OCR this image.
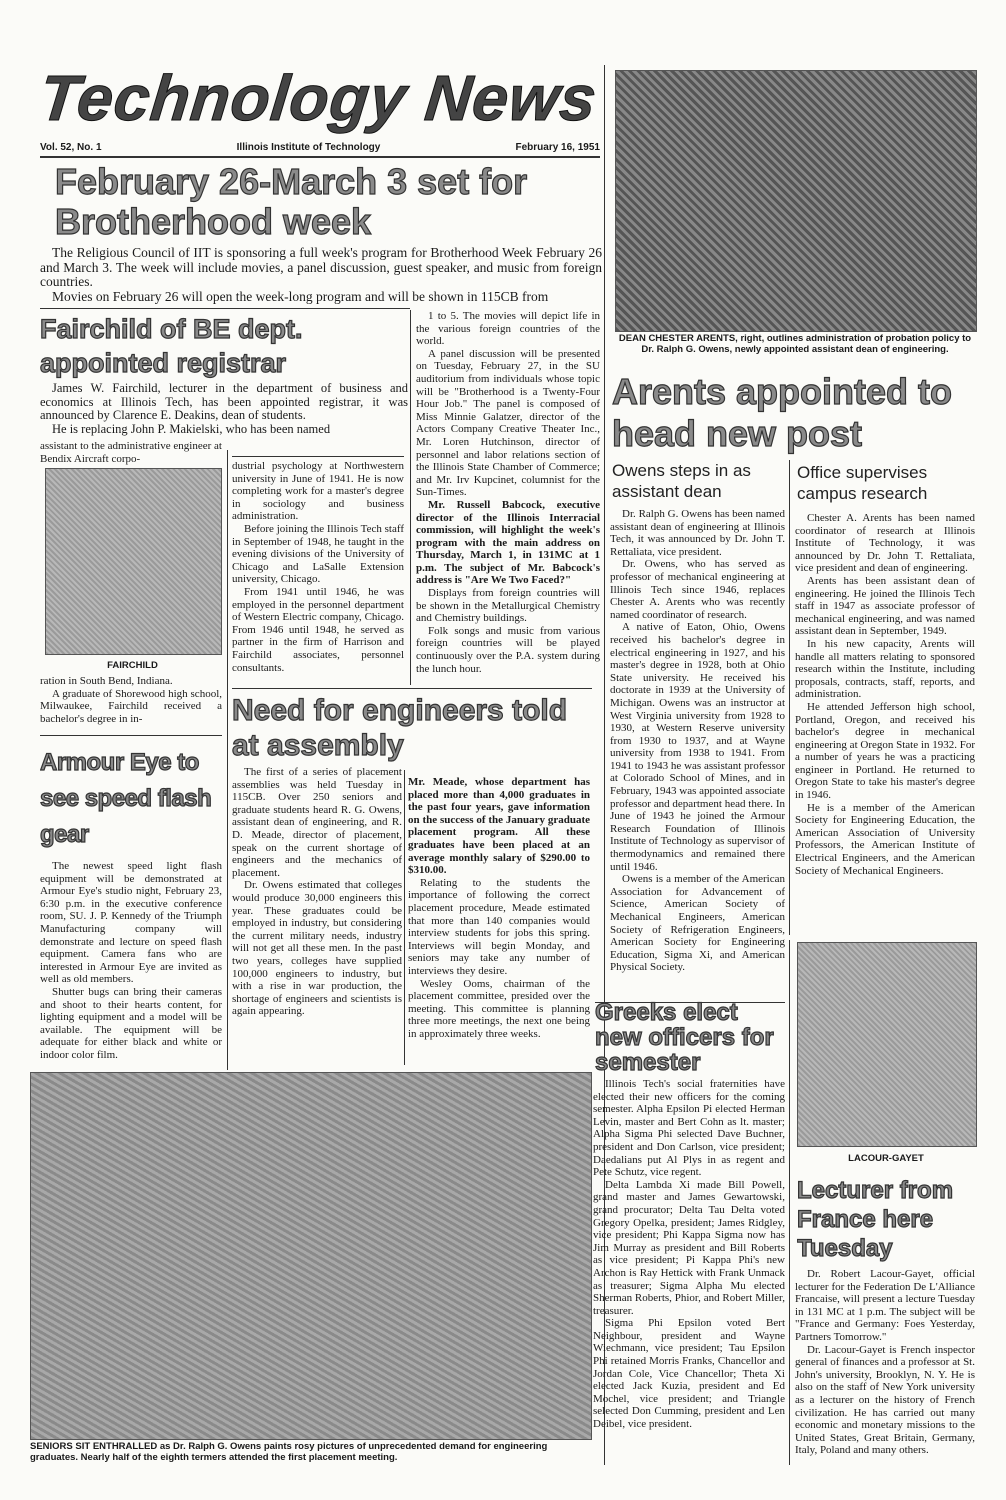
Technology News
Vol. 52, No. 1	Illinois Institute of Technology	February 16, 1951
February 26-March 3 set for Brotherhood week

The Religious Council of IIT is sponsoring a full week's program for Brotherhood Week February 26 and March 3. The week will include movies, a panel discussion, guest speaker, and music from foreign countries.

Movies on February 26 will open the week-long program and will be shown in 115CB from

1 to 5. The movies will depict life in the various foreign countries of the world.

A panel discussion will be presented on Tuesday, February 27, in the SU auditorium from individuals whose topic will be "Brotherhood is a Twenty-Four Hour Job." The panel is composed of Miss Minnie Galatzer, director of the Actors Company Creative Theater Inc., Mr. Loren Hutchinson, director of personnel and labor relations section of the Illinois State Chamber of Commerce; and Mr. Irv Kupcinet, columnist for the Sun-Times.

Mr. Russell Babcock, executive director of the Illinois Interracial commission, will highlight the week's program with the main address on Thursday, March 1, in 131MC at 1 p.m. The subject of Mr. Babcock's address is "Are We Two Faced?"

Displays from foreign countries will be shown in the Metallurgical Chemistry and Chemistry buildings.

Folk songs and music from various foreign countries will be played continuously over the P.A. system during the lunch hour.

Fairchild of BE dept. appointed registrar

James W. Fairchild, lecturer in the department of business and economics at Illinois Tech, has been appointed registrar, it was announced by Clarence E. Deakins, dean of students.

He is replacing John P. Makielski, who has been named

assistant to the administrative engineer at Bendix Aircraft corpo-

FAIRCHILD

ration in South Bend, Indiana.

A graduate of Shorewood high school, Milwaukee, Fairchild received a bachelor's degree in in-

dustrial psychology at Northwestern university in June of 1941. He is now completing work for a master's degree in sociology and business administration.

Before joining the Illinois Tech staff in September of 1948, he taught in the evening divisions of the University of Chicago and LaSalle Extension university, Chicago.

From 1941 until 1946, he was employed in the personnel department of Western Electric company, Chicago. From 1946 until 1948, he served as partner in the firm of Harrison and Fairchild associates, personnel consultants.

Armour Eye to see speed flash gear

The newest speed light flash equipment will be demonstrated at Armour Eye's studio night, February 23, 6:30 p.m. in the executive conference room, SU. J. P. Kennedy of the Triumph Manufacturing company will demonstrate and lecture on speed flash equipment. Camera fans who are interested in Armour Eye are invited as well as old members.

Shutter bugs can bring their cameras and shoot to their hearts content, for lighting equipment and a model will be available. The equipment will be adequate for either black and white or indoor color film.

Need for engineers told at assembly

The first of a series of placement assemblies was held Tuesday in 115CB. Over 250 seniors and graduate students heard R. G. Owens, assistant dean of engineering, and R. D. Meade, director of placement, speak on the current shortage of engineers and the mechanics of placement.

Dr. Owens estimated that colleges would produce 30,000 engineers this year. These graduates could be employed in industry, but considering the current military needs, industry will not get all these men. In the past two years, colleges have supplied 100,000 engineers to industry, but with a rise in war production, the shortage of engineers and scientists is again appearing.

Mr. Meade, whose department has placed more than 4,000 graduates in the past four years, gave information on the success of the January graduate placement program. All these graduates have been placed at an average monthly salary of $290.00 to $310.00.

Relating to the students the importance of following the correct placement procedure, Meade estimated that more than 140 companies would interview students for jobs this spring. Interviews will begin Monday, and seniors may take any number of interviews they desire.

Wesley Ooms, chairman of the placement committee, presided over the meeting. This committee is planning three more meetings, the next one being in approximately three weeks.

SENIORS SIT ENTHRALLED as Dr. Ralph G. Owens paints rosy pictures of unprecedented demand for engineering graduates. Nearly half of the eighth termers attended the first placement meeting.
DEAN CHESTER ARENTS, right, outlines administration of probation policy to Dr. Ralph G. Owens, newly appointed assistant dean of engineering.
Arents appointed to head new post
Owens steps in as assistant dean
Office supervises campus research

Dr. Ralph G. Owens has been named assistant dean of engineering at Illinois Tech, it was announced by Dr. John T. Rettaliata, vice president.

Dr. Owens, who has served as professor of mechanical engineering at Illinois Tech since 1946, replaces Chester A. Arents who was recently named coordinator of research.

A native of Eaton, Ohio, Owens received his bachelor's degree in electrical engineering in 1927, and his master's degree in 1928, both at Ohio State university. He received his doctorate in 1939 at the University of Michigan. Owens was an instructor at West Virginia university from 1928 to 1930, at Western Reserve university from 1930 to 1937, and at Wayne university from 1938 to 1941. From 1941 to 1943 he was assistant professor at Colorado School of Mines, and in February, 1943 was appointed associate professor and department head there. In June of 1943 he joined the Armour Research Foundation of Illinois Institute of Technology as supervisor of thermodynamics and remained there until 1946.

Owens is a member of the American Association for Advancement of Science, American Society of Mechanical Engineers, American Society of Refrigeration Engineers, American Society for Engineering Education, Sigma Xi, and American Physical Society.

Chester A. Arents has been named coordinator of research at Illinois Institute of Technology, it was announced by Dr. John T. Rettaliata, vice president and dean of engineering.

Arents has been assistant dean of engineering. He joined the Illinois Tech staff in 1947 as associate professor of mechanical engineering, and was named assistant dean in September, 1949.

In his new capacity, Arents will handle all matters relating to sponsored research within the Institute, including proposals, contracts, staff, reports, and administration.

He attended Jefferson high school, Portland, Oregon, and received his bachelor's degree in mechanical engineering at Oregon State in 1932. For a number of years he was a practicing engineer in Portland. He returned to Oregon State to take his master's degree in 1946.

He is a member of the American Society for Engineering Education, the American Association of University Professors, the American Institute of Electrical Engineers, and the American Society of Mechanical Engineers.

Greeks elect new officers for semester

Illinois Tech's social fraternities have elected their new officers for the coming semester. Alpha Epsilon Pi elected Herman Levin, master and Bert Cohn as lt. master; Alpha Sigma Phi selected Dave Buchner, president and Don Carlson, vice president; Daedalians put Al Plys in as regent and Pete Schutz, vice regent.

Delta Lambda Xi made Bill Powell, grand master and James Gewartowski, grand procurator; Delta Tau Delta voted Gregory Opelka, president; James Ridgley, vice president; Phi Kappa Sigma now has Jim Murray as president and Bill Roberts as vice president; Pi Kappa Phi's new Archon is Ray Hettick with Frank Unmack as treasurer; Sigma Alpha Mu elected Sherman Roberts, Phior, and Robert Miller, treasurer.

Sigma Phi Epsilon voted Bert Neighbour, president and Wayne Wiechmann, vice president; Tau Epsilon Phi retained Morris Franks, Chancellor and Jordan Cole, Vice Chancellor; Theta Xi elected Jack Kuzia, president and Ed Mochel, vice president; and Triangle selected Don Cumming, president and Len Deibel, vice president.

LACOUR-GAYET
Lecturer from France here Tuesday

Dr. Robert Lacour-Gayet, official lecturer for the Federation De L'Alliance Francaise, will present a lecture Tuesday in 131 MC at 1 p.m. The subject will be "France and Germany: Foes Yesterday, Partners Tomorrow."

Dr. Lacour-Gayet is French inspector general of finances and a professor at St. John's university, Brooklyn, N. Y. He is also on the staff of New York university as a lecturer on the history of French civilization. He has carried out many economic and monetary missions to the United States, Great Britain, Germany, Italy, Poland and many others.
